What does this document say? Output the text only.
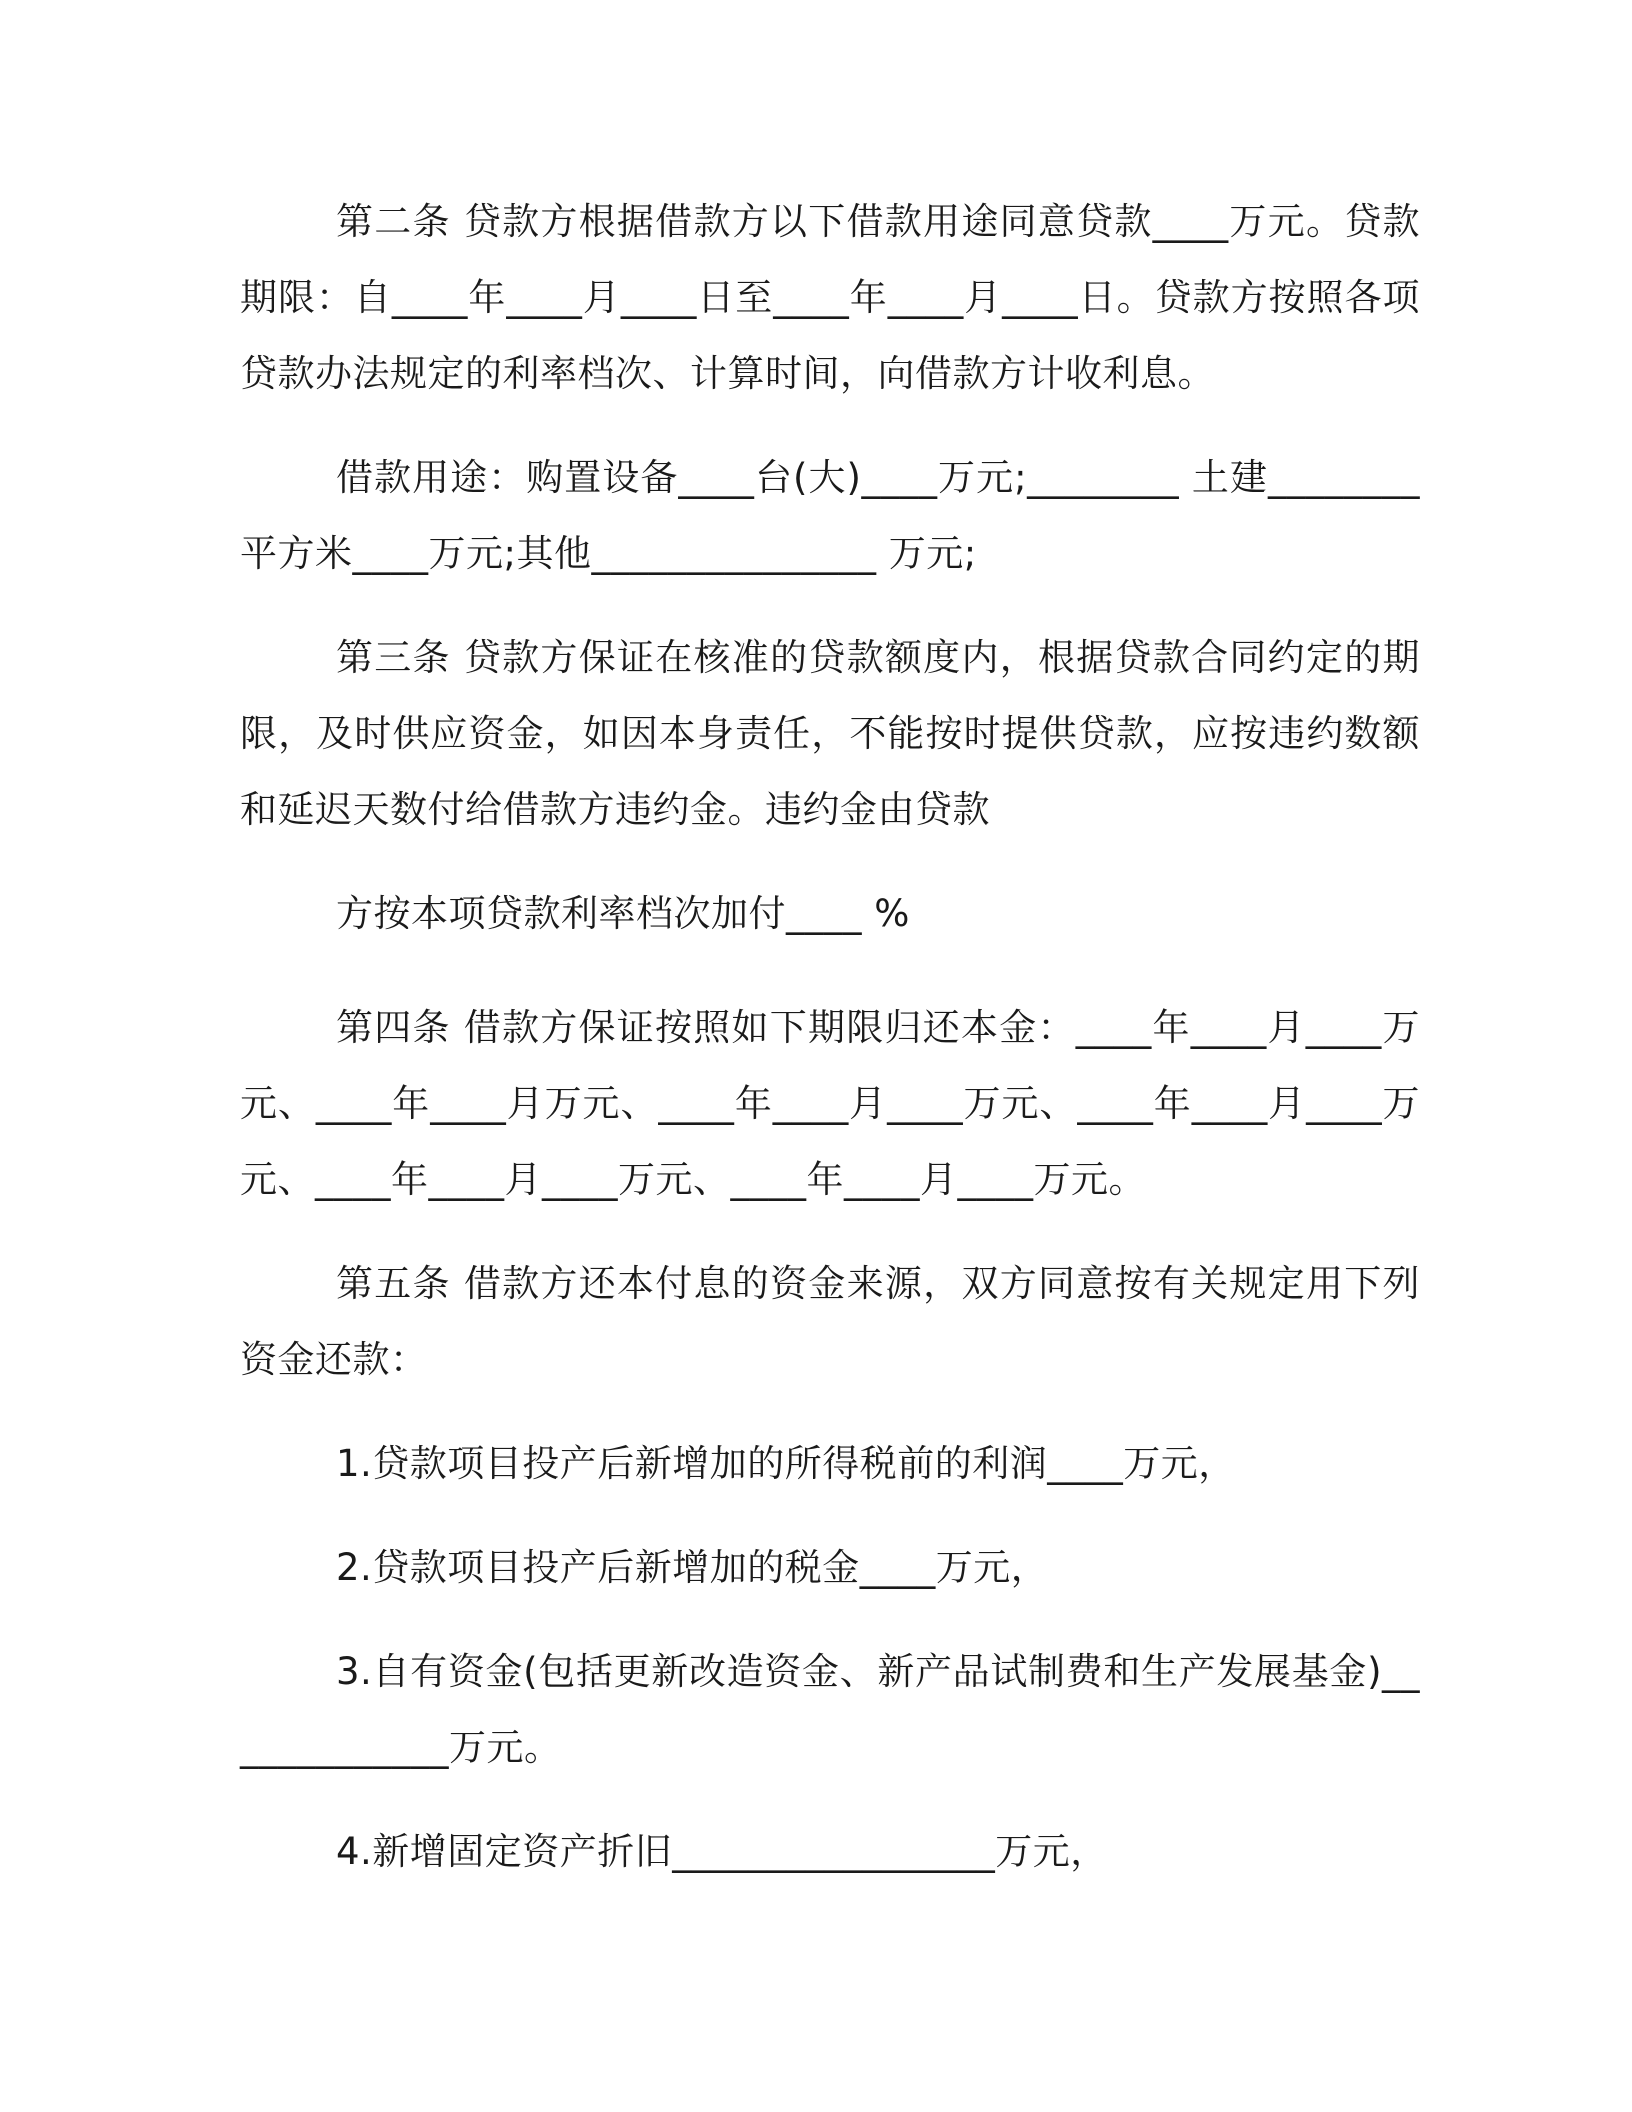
第二条 贷款方根据借款方以下借款用途同意贷款____万元。贷款期限：自____年____月____日至____年____月____日。贷款方按照各项贷款办法规定的利率档次、计算时间，向借款方计收利息。

借款用途：购置设备____台(大)____万元;________ 土建________平方米____万元;其他_______________ 万元;

第三条 贷款方保证在核准的贷款额度内，根据贷款合同约定的期限，及时供应资金，如因本身责任，不能按时提供贷款，应按违约数额和延迟天数付给借款方违约金。违约金由贷款

方按本项贷款利率档次加付____ %

第四条 借款方保证按照如下期限归还本金：____年____月____万元、____年____月万元、____年____月____万元、____年____月____万元、____年____月____万元、____年____月____万元。

第五条 借款方还本付息的资金来源，双方同意按有关规定用下列资金还款：

1.贷款项目投产后新增加的所得税前的利润____万元，

2.贷款项目投产后新增加的税金____万元，

3.自有资金(包括更新改造资金、新产品试制费和生产发展基金)_____________万元。

4.新增固定资产折旧_________________万元，
